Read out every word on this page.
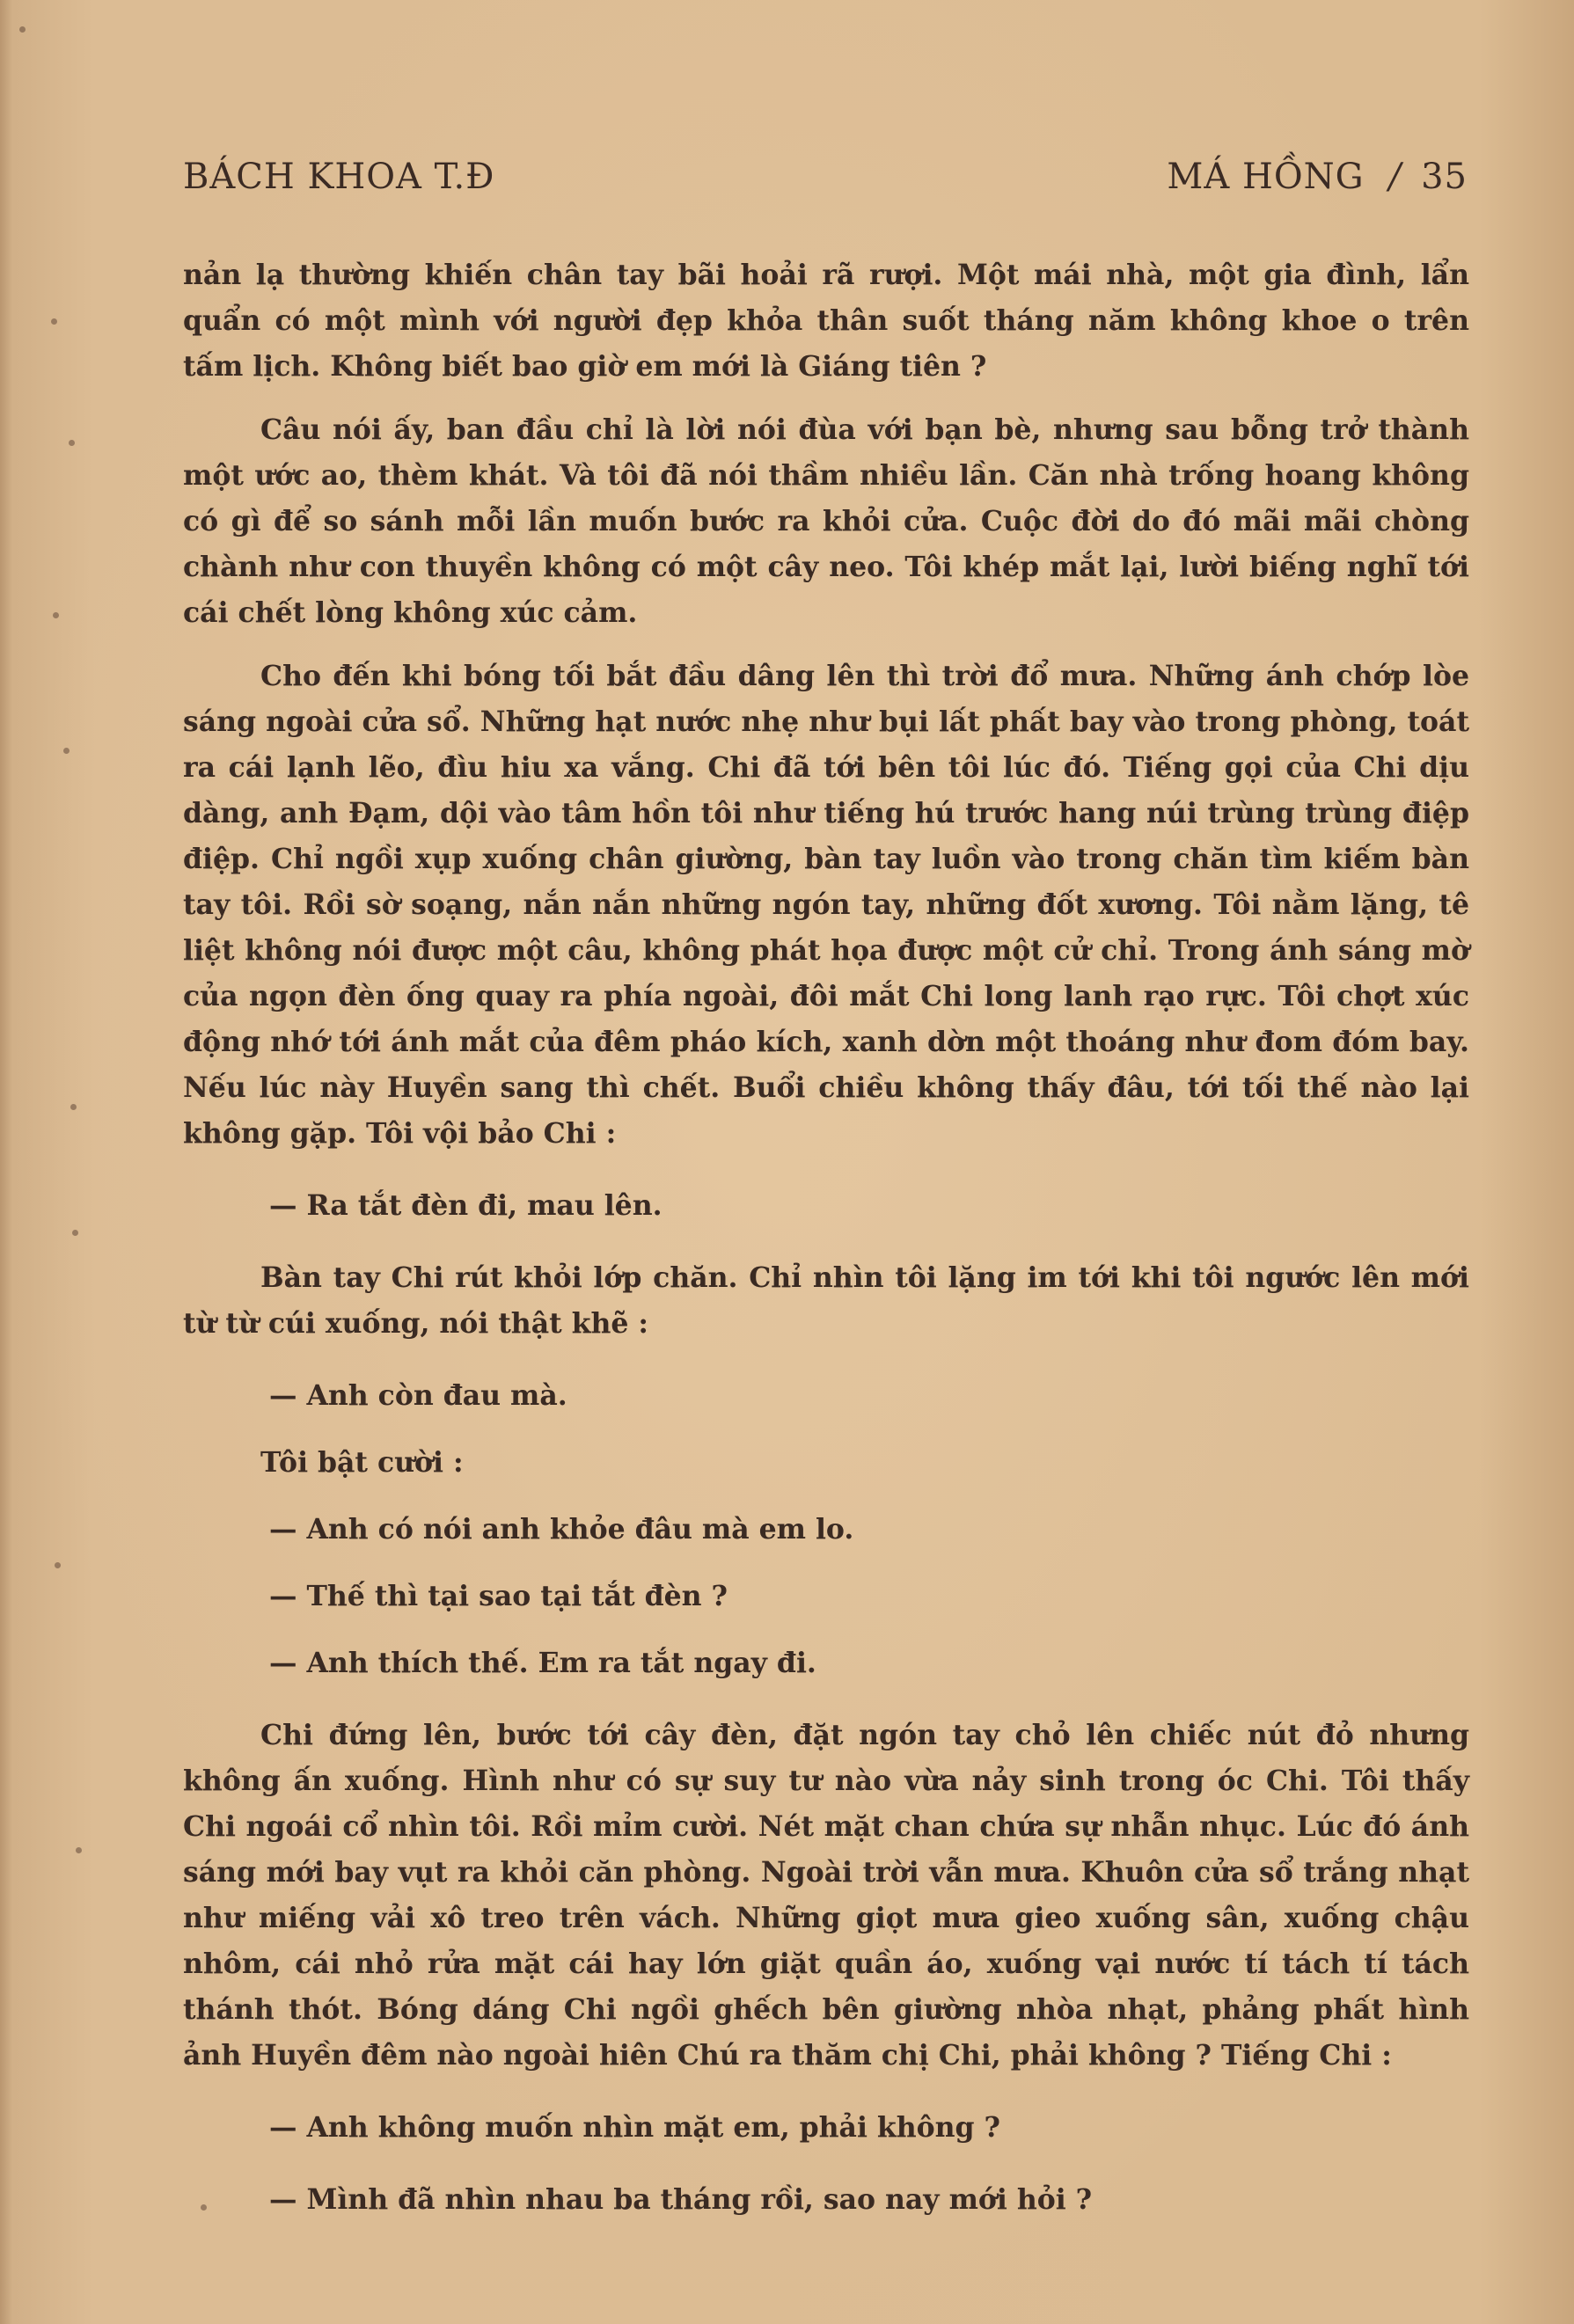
BÁCH KHOA T.Đ	MÁ HỒNG / 35

nản lạ thường khiến chân tay bãi hoải rã rượi. Một mái nhà, một gia đình, lẩn quẩn có một mình với người đẹp khỏa thân suốt tháng năm không khoe o trên tấm lịch. Không biết bao giờ em mới là Giáng tiên ?

Câu nói ấy, ban đầu chỉ là lời nói đùa với bạn bè, nhưng sau bỗng trở thành một ước ao, thèm khát. Và tôi đã nói thầm nhiều lần. Căn nhà trống hoang không có gì để so sánh mỗi lần muốn bước ra khỏi cửa. Cuộc đời do đó mãi mãi chòng chành như con thuyền không có một cây neo. Tôi khép mắt lại, lười biếng nghĩ tới cái chết lòng không xúc cảm.

Cho đến khi bóng tối bắt đầu dâng lên thì trời đổ mưa. Những ánh chớp lòe sáng ngoài cửa sổ. Những hạt nước nhẹ như bụi lất phất bay vào trong phòng, toát ra cái lạnh lẽo, đìu hiu xa vắng. Chi đã tới bên tôi lúc đó. Tiếng gọi của Chi dịu dàng, anh Đạm, dội vào tâm hồn tôi như tiếng hú trước hang núi trùng trùng điệp điệp. Chỉ ngồi xụp xuống chân giường, bàn tay luồn vào trong chăn tìm kiếm bàn tay tôi. Rồi sờ soạng, nắn nắn những ngón tay, những đốt xương. Tôi nằm lặng, tê liệt không nói được một câu, không phát họa được một cử chỉ. Trong ánh sáng mờ của ngọn đèn ống quay ra phía ngoài, đôi mắt Chi long lanh rạo rực. Tôi chợt xúc động nhớ tới ánh mắt của đêm pháo kích, xanh dờn một thoáng như đom đóm bay. Nếu lúc này Huyền sang thì chết. Buổi chiều không thấy đâu, tới tối thế nào lại không gặp. Tôi vội bảo Chi :

— Ra tắt đèn đi, mau lên.

Bàn tay Chi rút khỏi lớp chăn. Chỉ nhìn tôi lặng im tới khi tôi ngước lên mới từ từ cúi xuống, nói thật khẽ :

— Anh còn đau mà.

Tôi bật cười :

— Anh có nói anh khỏe đâu mà em lo.

— Thế thì tại sao tại tắt đèn ?

— Anh thích thế. Em ra tắt ngay đi.

Chi đứng lên, bước tới cây đèn, đặt ngón tay chỏ lên chiếc nút đỏ nhưng không ấn xuống. Hình như có sự suy tư nào vừa nảy sinh trong óc Chi. Tôi thấy Chi ngoái cổ nhìn tôi. Rồi mỉm cười. Nét mặt chan chứa sự nhẫn nhục. Lúc đó ánh sáng mới bay vụt ra khỏi căn phòng. Ngoài trời vẫn mưa. Khuôn cửa sổ trắng nhạt như miếng vải xô treo trên vách. Những giọt mưa gieo xuống sân, xuống chậu nhôm, cái nhỏ rửa mặt cái hay lớn giặt quần áo, xuống vại nước tí tách tí tách thánh thót. Bóng dáng Chi ngồi ghếch bên giường nhòa nhạt, phảng phất hình ảnh Huyền đêm nào ngoài hiên Chú ra thăm chị Chi, phải không ? Tiếng Chi :

— Anh không muốn nhìn mặt em, phải không ?

— Mình đã nhìn nhau ba tháng rồi, sao nay mới hỏi ?
